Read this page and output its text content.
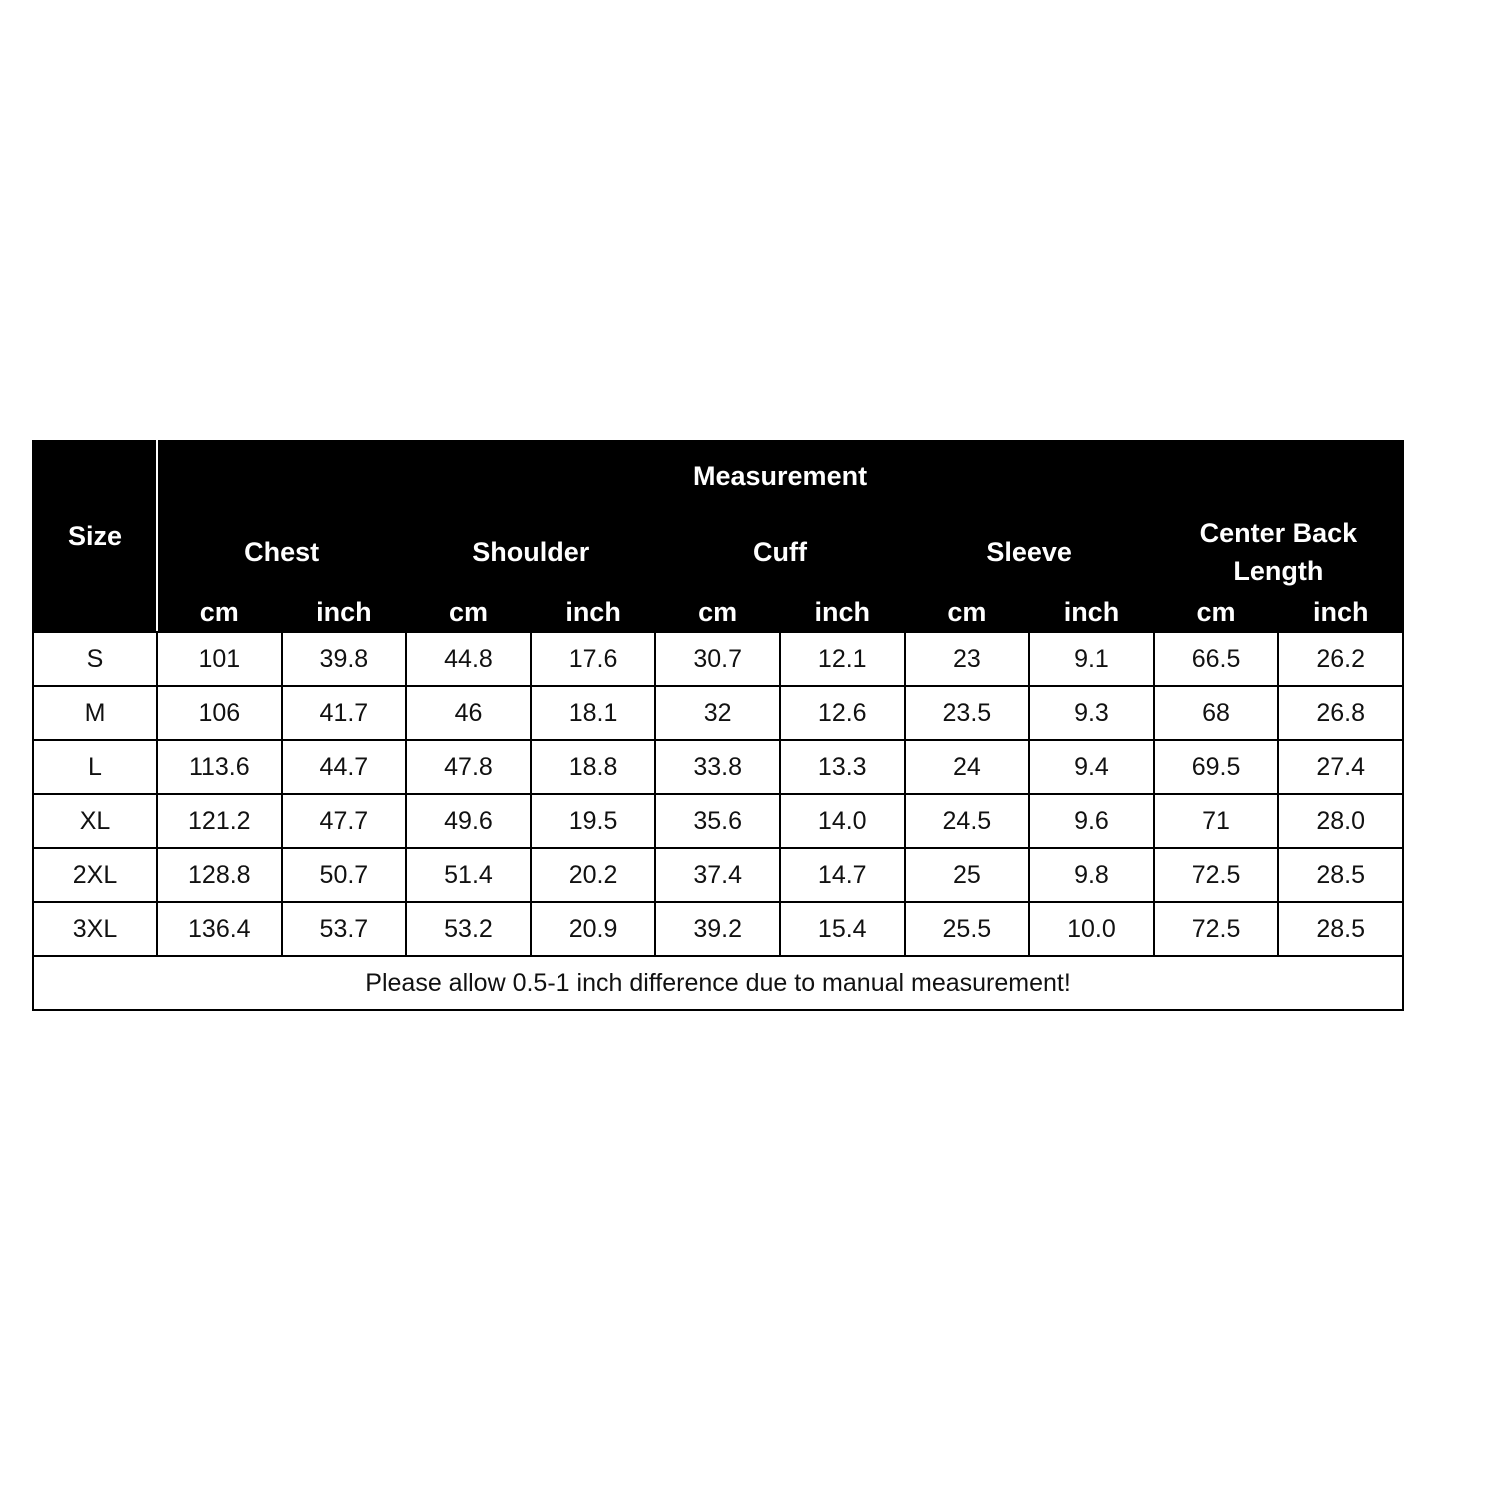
Size	Measurement									
	Chest		Shoulder		Cuff		Sleeve		Center Back Length	
	cm	inch	cm	inch	cm	inch	cm	inch	cm	inch
S	101	39.8	44.8	17.6	30.7	12.1	23	9.1	66.5	26.2
M	106	41.7	46	18.1	32	12.6	23.5	9.3	68	26.8
L	113.6	44.7	47.8	18.8	33.8	13.3	24	9.4	69.5	27.4
XL	121.2	47.7	49.6	19.5	35.6	14.0	24.5	9.6	71	28.0
2XL	128.8	50.7	51.4	20.2	37.4	14.7	25	9.8	72.5	28.5
3XL	136.4	53.7	53.2	20.9	39.2	15.4	25.5	10.0	72.5	28.5
Please allow 0.5-1 inch difference due to manual measurement!										
